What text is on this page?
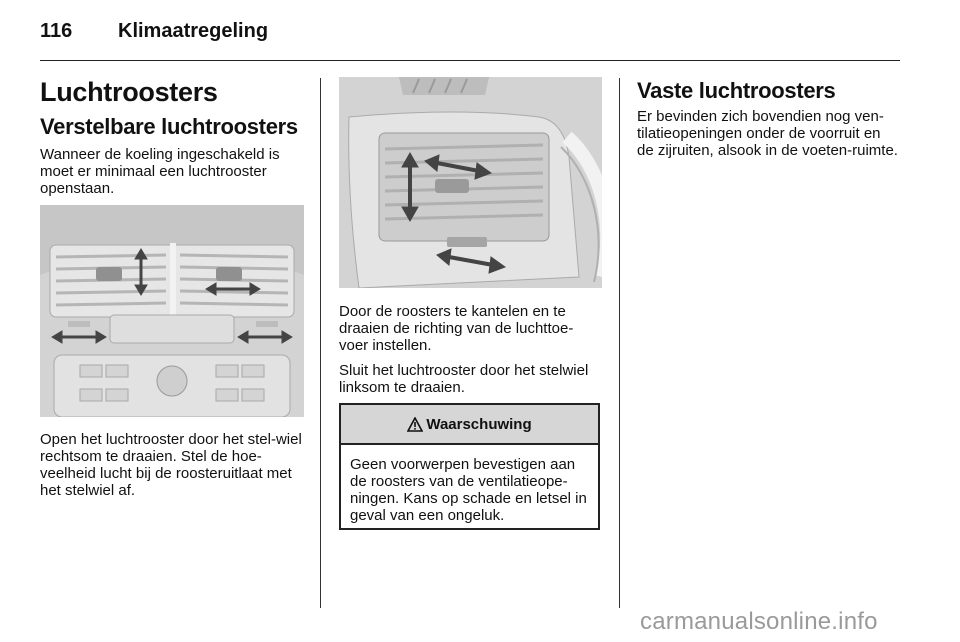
116 Klimaatregeling
Luchtroosters
Verstelbare luchtroosters

Wanneer de koeling ingeschakeld is moet er minimaal een luchtrooster openstaan.

Open het luchtrooster door het stel-wiel rechtsom te draaien. Stel de hoe-veelheid lucht bij de roosteruitlaat met het stelwiel af.

Door de roosters te kantelen en te draaien de richting van de luchttoe-voer instellen.

Sluit het luchtrooster door het stelwiel linksom te draaien.

Waarschuwing
Geen voorwerpen bevestigen aan de roosters van de ventilatieope-ningen. Kans op schade en letsel in geval van een ongeluk.
Vaste luchtroosters

Er bevinden zich bovendien nog ven-tilatieopeningen onder de voorruit en de zijruiten, alsook in de voeten-ruimte.

carmanualsonline.info
